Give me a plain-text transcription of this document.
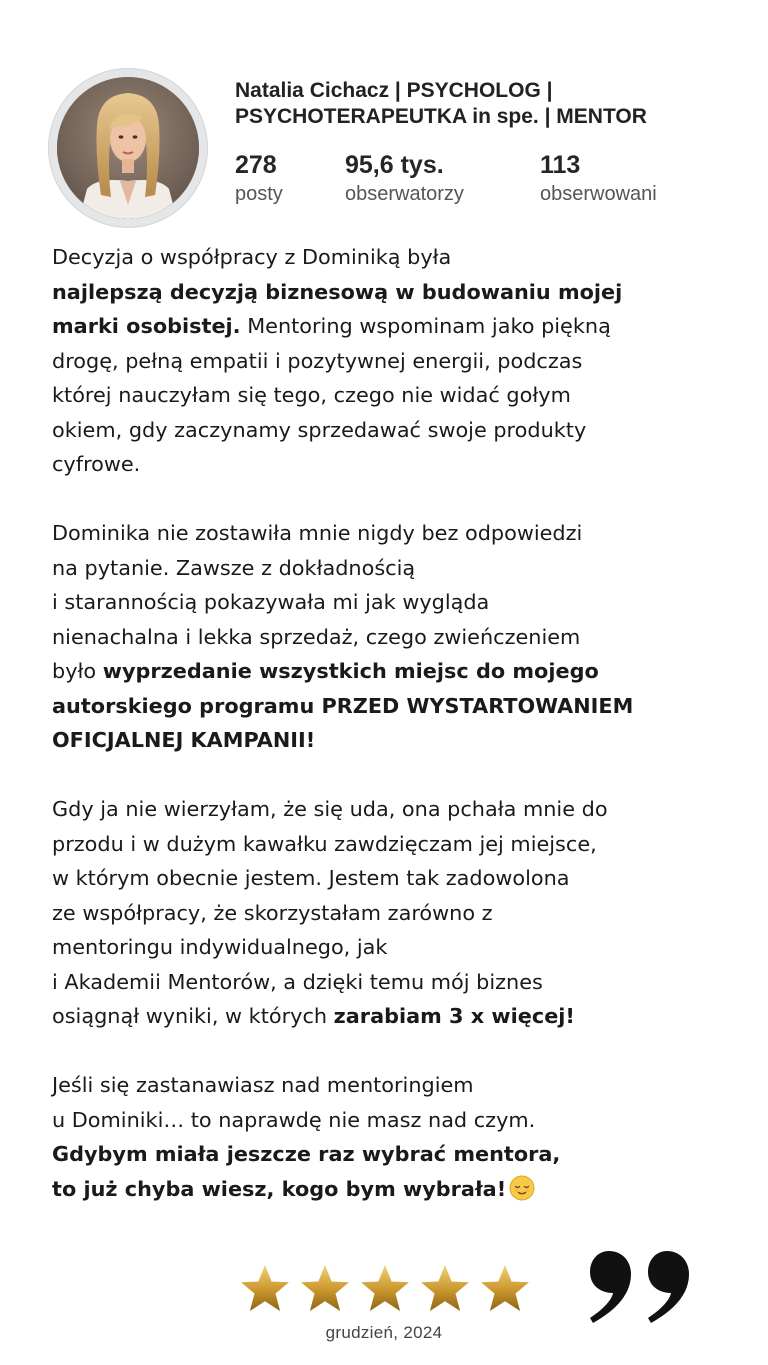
Natalia Cichacz | PSYCHOLOG | PSYCHOTERAPEUTKA in spe. | MENTOR

278
posty
95,6 tys.
obserwatorzy
113
obserwowani

Decyzja o współpracy z Dominiką była
najlepszą decyzją biznesową w budowaniu mojej
marki osobistej. Mentoring wspominam jako piękną
drogę, pełną empatii i pozytywnej energii, podczas
której nauczyłam się tego, czego nie widać gołym
okiem, gdy zaczynamy sprzedawać swoje produkty
cyfrowe.

Dominika nie zostawiła mnie nigdy bez odpowiedzi
na pytanie. Zawsze z dokładnością
i starannością pokazywała mi jak wygląda
nienachalna i lekka sprzedaż, czego zwieńczeniem
było wyprzedanie wszystkich miejsc do mojego
autorskiego programu PRZED WYSTARTOWANIEM
OFICJALNEJ KAMPANII!

Gdy ja nie wierzyłam, że się uda, ona pchała mnie do
przodu i w dużym kawałku zawdzięczam jej miejsce,
w którym obecnie jestem. Jestem tak zadowolona
ze współpracy, że skorzystałam zarówno z
mentoringu indywidualnego, jak
i Akademii Mentorów, a dzięki temu mój biznes
osiągnął wyniki, w których zarabiam 3 x więcej!

Jeśli się zastanawiasz nad mentoringiem
u Dominiki… to naprawdę nie masz nad czym.
Gdybym miała jeszcze raz wybrać mentora,
to już chyba wiesz, kogo bym wybrała!

grudzień, 2024
